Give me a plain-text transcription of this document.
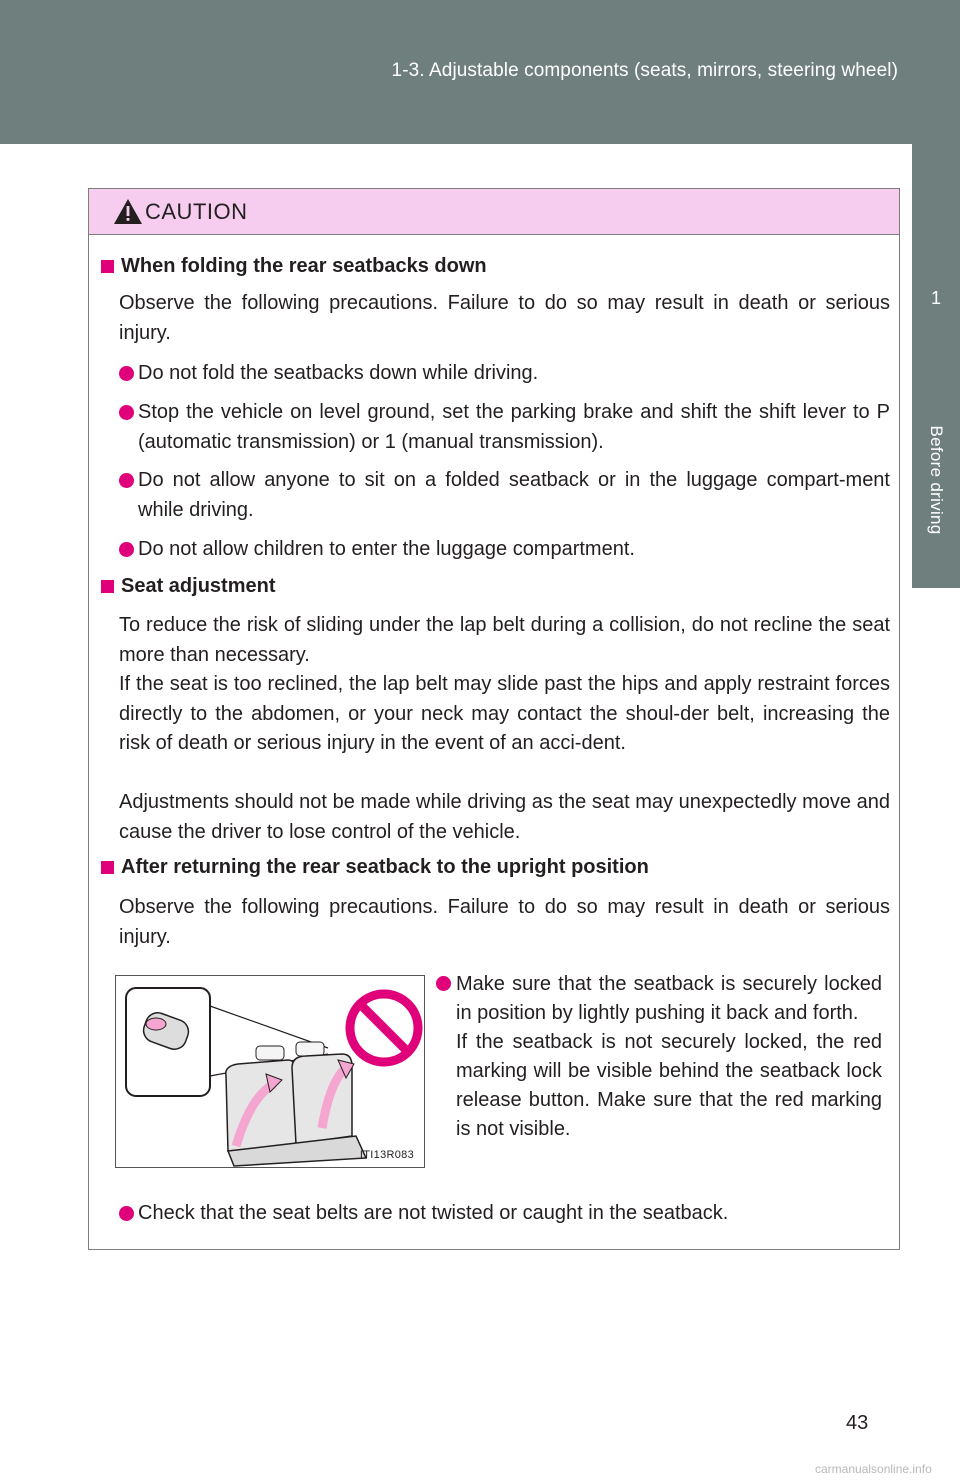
1-3. Adjustable components (seats, mirrors, steering wheel)
1
Before driving
CAUTION
When folding the rear seatbacks down
Observe the following precautions. Failure to do so may result in death or serious injury.
Do not fold the seatbacks down while driving.
Stop the vehicle on level ground, set the parking brake and shift the shift lever to P (automatic transmission) or 1 (manual transmission).
Do not allow anyone to sit on a folded seatback or in the luggage compart-ment while driving.
Do not allow children to enter the luggage compartment.
Seat adjustment
To reduce the risk of sliding under the lap belt during a collision, do not recline the seat more than necessary.
If the seat is too reclined, the lap belt may slide past the hips and apply restraint forces directly to the abdomen, or your neck may contact the shoul-der belt, increasing the risk of death or serious injury in the event of an acci-dent.
Adjustments should not be made while driving as the seat may unexpectedly move and cause the driver to lose control of the vehicle.
After returning the rear seatback to the upright position
Observe the following precautions. Failure to do so may result in death or serious injury.
Check that the seat belts are not twisted or caught in the seatback.
ITI13R083
Make sure that the seatback is securely locked in position by lightly pushing it back and forth.
If the seatback is not securely locked, the red marking will be visible behind the seatback lock release button. Make sure that the red marking is not visible.
43
carmanualsonline.info
